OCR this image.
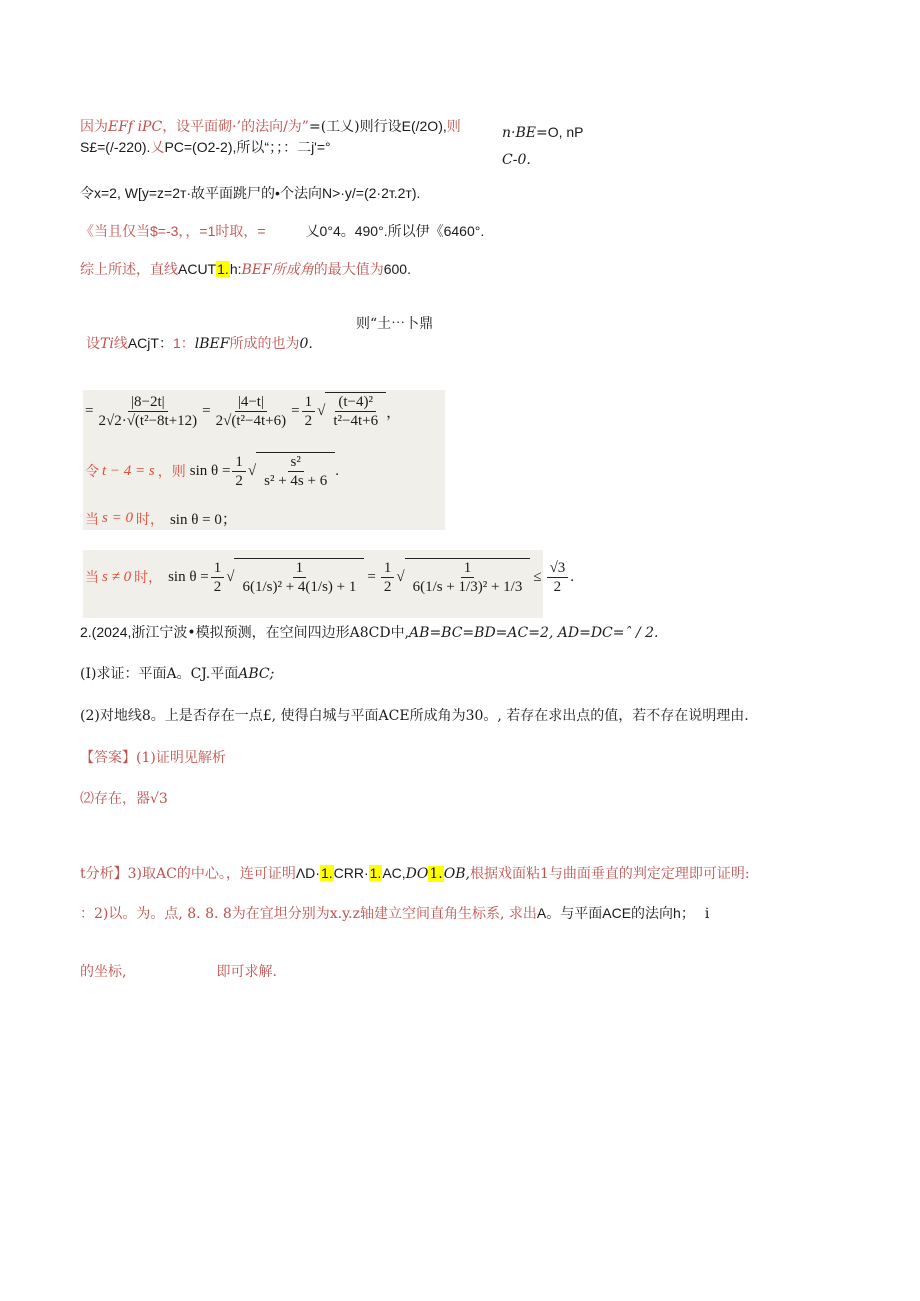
因为EFf iPC，设平面砌·’的法向/为”=(工乂)则行设E(/2O),则	n·BE=O, nP
S£=(/-220).乂PC=(O2-2),所以“；；：二j'=°
C-0.
令x=2, W[y=z=2т·故平面跳尸的•个法向N>·y/=(2·2т.2т).
《当且仅当$=-3，，=1时取，=	乂0°4。490°.所以伊《6460°.
综上所述，直线ACUT1.h:BEF所成角的最大值为600.
则“土⋯卜鼎
设Ti线ACjT：1：lBEF所成的也为0.
= $\frac{|8-2t|}{\text{2√2·√(t²−8t+12)}} = \frac{|4-t|}{\text{2√(t²−4t+6)}} = \frac{1}{2}$ √ $\frac{\text{(t−4)²}}{\text{t²−4t+6}}$ ，
令 t − 4 = s ，则 $\sin \theta = \frac{1}{2}$ √ $\frac{\text{s²}}{\text{s² + 4s + 6}}$ .
当 s = 0 时， sin θ = 0；
当 s ≠ 0 时， $\sin \theta = \frac{1}{2}$ √ $\frac{1}{\text{6(1/s)² + 4(1/s) + 1}} = \frac{1}{2}$ √ $\frac{1}{\text{6(1/s + 1/3)² + 1/3}} \le \frac{√3}{2}$ .
2.(2024,浙江宁波•模拟预测，在空间四边形A8CD中,AB=BC=BD=AC=2, AD=DC=ˆ / 2.
(I)求证：平面A。CJ.平面ABC;
(2)对地线8。上是否存在一点£, 使得白城与平面ACE所成角为30。, 若存在求出点的值，若不存在说明理由.
【答案】(1)证明见解析
⑵存在，器√3
t分析】3)取AC的中心。，连可证明ΛD·1.CRR·1.AC,DO1.OB,根据戏面粘1与曲面垂直的判定定理即可证明:
：2)以。为。点, 8. 8. 8为在宜坦分别为x.y.z轴建立空间直角生标系, 求出A。与平面ACE的法向h； i
的坐标,	即可求解.
